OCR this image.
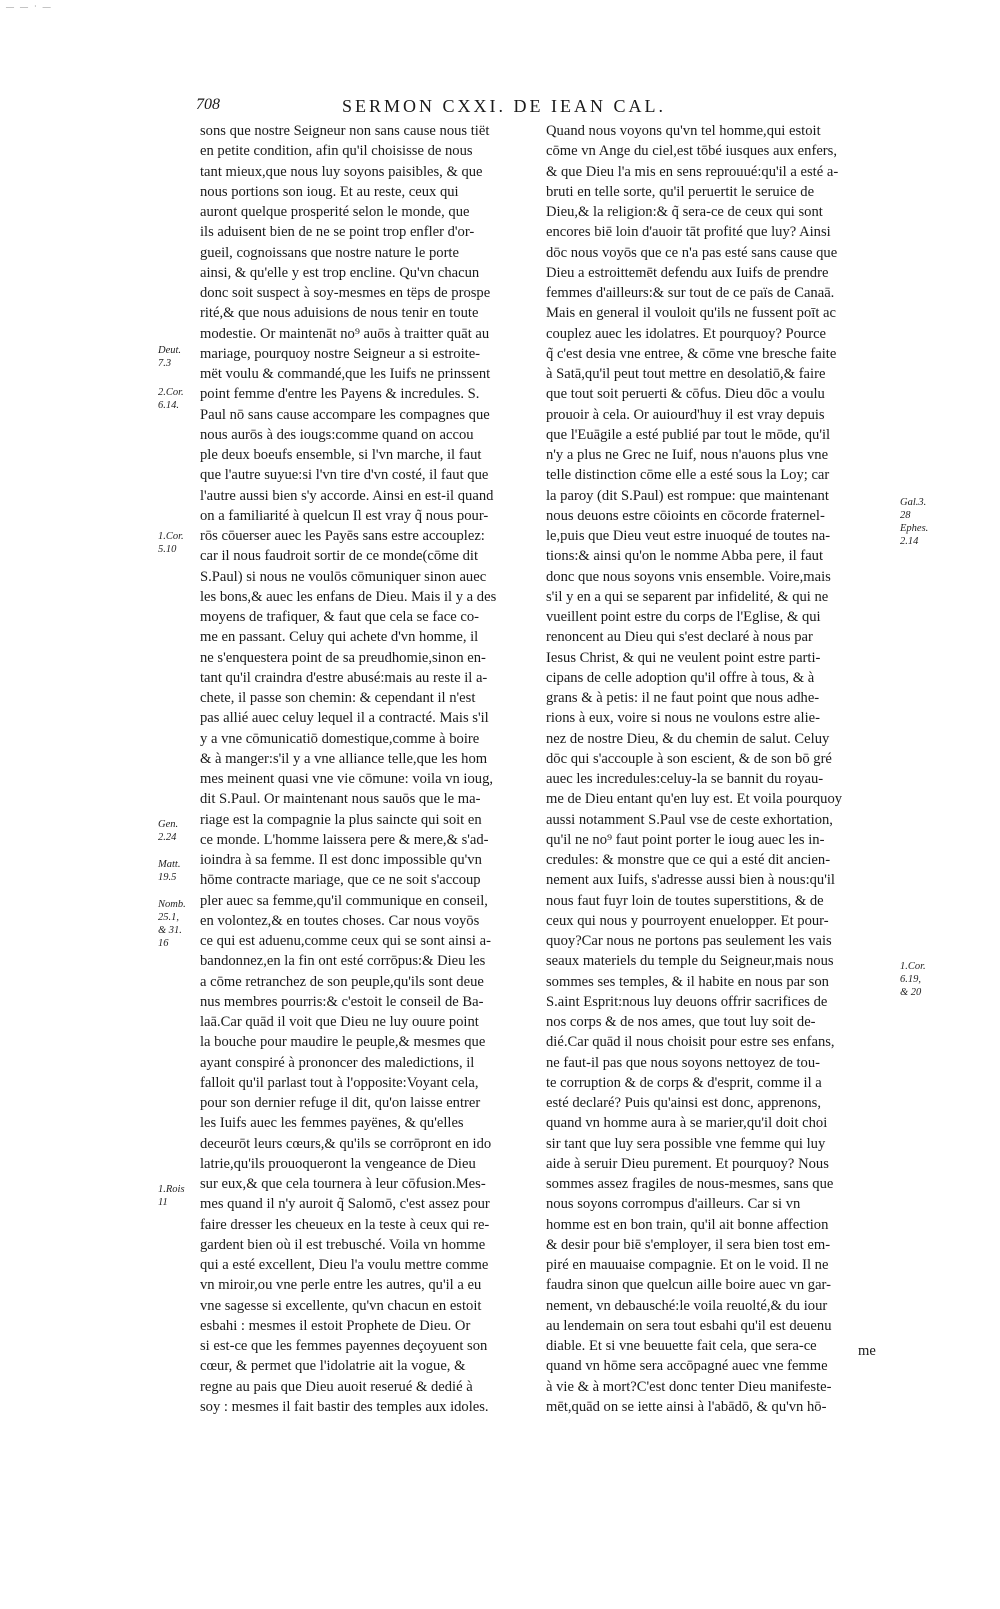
— — · —
708	SERMON CXXI. DE IEAN CAL.
sons que nostre Seigneur non sans cause nous tiët
en petite condition, afin qu'il choisisse de nous
tant mieux,que nous luy soyons paisibles, & que
nous portions son ioug. Et au reste, ceux qui
auront quelque prosperité selon le monde, que
ils aduisent bien de ne se point trop enfler d'or-
gueil, cognoissans que nostre nature le porte
ainsi, & qu'elle y est trop encline. Qu'vn chacun
donc soit suspect à soy-mesmes en tëps de prospe
rité,& que nous aduisions de nous tenir en toute
modestie. Or maintenāt no⁹ auōs à traitter quāt au
mariage, pourquoy nostre Seigneur a si estroite-
mët voulu & commandé,que les Iuifs ne prinssent
point femme d'entre les Payens & incredules. S.
Paul nō sans cause accompare les compagnes que
nous aurōs à des iougs:comme quand on accou
ple deux boeufs ensemble, si l'vn marche, il faut
que l'autre suyue:si l'vn tire d'vn costé, il faut que
l'autre aussi bien s'y accorde. Ainsi en est-il quand
on a familiarité à quelcun Il est vray q̃ nous pour-
rōs cōuerser auec les Payēs sans estre accouplez:
car il nous faudroit sortir de ce monde(cōme dit
S.Paul) si nous ne voulōs cōmuniquer sinon auec
les bons,& auec les enfans de Dieu. Mais il y a des
moyens de trafiquer, & faut que cela se face co-
me en passant. Celuy qui achete d'vn homme, il
ne s'enquestera point de sa preudhomie,sinon en-
tant qu'il craindra d'estre abusé:mais au reste il a-
chete, il passe son chemin: & cependant il n'est
pas allié auec celuy lequel il a contracté. Mais s'il
y a vne cōmunicatiō domestique,comme à boire
& à manger:s'il y a vne alliance telle,que les hom
mes meinent quasi vne vie cōmune: voila vn ioug,
dit S.Paul. Or maintenant nous sauōs que le ma-
riage est la compagnie la plus saincte qui soit en
ce monde. L'homme laissera pere & mere,& s'ad-
ioindra à sa femme. Il est donc impossible qu'vn
hōme contracte mariage, que ce ne soit s'accoup
pler auec sa femme,qu'il communique en conseil,
en volontez,& en toutes choses. Car nous voyōs
ce qui est aduenu,comme ceux qui se sont ainsi a-
bandonnez,en la fin ont esté corrōpus:& Dieu les
a cōme retranchez de son peuple,qu'ils sont deue
nus membres pourris:& c'estoit le conseil de Ba-
laā.Car quād il voit que Dieu ne luy ouure point
la bouche pour maudire le peuple,& mesmes que
ayant conspiré à prononcer des maledictions, il
falloit qu'il parlast tout à l'opposite:Voyant cela,
pour son dernier refuge il dit, qu'on laisse entrer
les Iuifs auec les femmes payënes, & qu'elles
deceurōt leurs cœurs,& qu'ils se corrōpront en ido
latrie,qu'ils prouoqueront la vengeance de Dieu
sur eux,& que cela tournera à leur cōfusion.Mes-
mes quand il n'y auroit q̃ Salomō, c'est assez pour
faire dresser les cheueux en la teste à ceux qui re-
gardent bien où il est trebusché. Voila vn homme
qui a esté excellent, Dieu l'a voulu mettre comme
vn miroir,ou vne perle entre les autres, qu'il a eu
vne sagesse si excellente, qu'vn chacun en estoit
esbahi : mesmes il estoit Prophete de Dieu. Or
si est-ce que les femmes payennes deçoyuent son
cœur, & permet que l'idolatrie ait la vogue, &
regne au pais que Dieu auoit reserué & dedié à
soy : mesmes il fait bastir des temples aux idoles.
Quand nous voyons qu'vn tel homme,qui estoit
cōme vn Ange du ciel,est tōbé iusques aux enfers,
& que Dieu l'a mis en sens reprouué:qu'il a esté a-
bruti en telle sorte, qu'il peruertit le seruice de
Dieu,& la religion:& q̃ sera-ce de ceux qui sont
encores biē loin d'auoir tāt profité que luy? Ainsi
dōc nous voyōs que ce n'a pas esté sans cause que
Dieu a estroittemēt defendu aux Iuifs de prendre
femmes d'ailleurs:& sur tout de ce païs de Canaā.
Mais en general il vouloit qu'ils ne fussent poīt ac
couplez auec les idolatres. Et pourquoy? Pource
q̃ c'est desia vne entree, & cōme vne bresche faite
à Satā,qu'il peut tout mettre en desolatiō,& faire
que tout soit peruerti & cōfus. Dieu dōc a voulu
prouoir à cela. Or auiourd'huy il est vray depuis
que l'Euāgile a esté publié par tout le mōde, qu'il
n'y a plus ne Grec ne Iuif, nous n'auons plus vne
telle distinction cōme elle a esté sous la Loy; car
la paroy (dit S.Paul) est rompue: que maintenant
nous deuons estre cōioints en cōcorde fraternel-
le,puis que Dieu veut estre inuoqué de toutes na-
tions:& ainsi qu'on le nomme Abba pere, il faut
donc que nous soyons vnis ensemble. Voire,mais
s'il y en a qui se separent par infidelité, & qui ne
vueillent point estre du corps de l'Eglise, & qui
renoncent au Dieu qui s'est declaré à nous par
Iesus Christ, & qui ne veulent point estre parti-
cipans de celle adoption qu'il offre à tous, & à
grans & à petis: il ne faut point que nous adhe-
rions à eux, voire si nous ne voulons estre alie-
nez de nostre Dieu, & du chemin de salut. Celuy
dōc qui s'accouple à son escient, & de son bō gré
auec les incredules:celuy-la se bannit du royau-
me de Dieu entant qu'en luy est. Et voila pourquoy
aussi notamment S.Paul vse de ceste exhortation,
qu'il ne no⁹ faut point porter le ioug auec les in-
credules: & monstre que ce qui a esté dit ancien-
nement aux Iuifs, s'adresse aussi bien à nous:qu'il
nous faut fuyr loin de toutes superstitions, & de
ceux qui nous y pourroyent enuelopper. Et pour-
quoy?Car nous ne portons pas seulement les vais
seaux materiels du temple du Seigneur,mais nous
sommes ses temples, & il habite en nous par son
S.aint Esprit:nous luy deuons offrir sacrifices de
nos corps & de nos ames, que tout luy soit de-
dié.Car quād il nous choisit pour estre ses enfans,
ne faut-il pas que nous soyons nettoyez de tou-
te corruption & de corps & d'esprit, comme il a
esté declaré? Puis qu'ainsi est donc, apprenons,
quand vn homme aura à se marier,qu'il doit choi
sir tant que luy sera possible vne femme qui luy
aide à seruir Dieu purement. Et pourquoy? Nous
sommes assez fragiles de nous-mesmes, sans que
nous soyons corrompus d'ailleurs. Car si vn
homme est en bon train, qu'il ait bonne affection
& desir pour biē s'employer, il sera bien tost em-
piré en mauuaise compagnie. Et on le void. Il ne
faudra sinon que quelcun aille boire auec vn gar-
nement, vn debausché:le voila reuolté,& du iour
au lendemain on sera tout esbahi qu'il est deuenu
diable. Et si vne beuuette fait cela, que sera-ce
quand vn hōme sera accōpagné auec vne femme
à vie & à mort?C'est donc tenter Dieu manifeste-
mēt,quād on se iette ainsi à l'abādō, & qu'vn hō-
Deut.
7.3
2.Cor.
6.14.
1.Cor.
5.10
Gen.
2.24
Matt.
19.5
Nomb.
25.1,
& 31.
16
1.Rois
11
Gal.3.
28
Ephes.
2.14
1.Cor.
6.19,
& 20
me
